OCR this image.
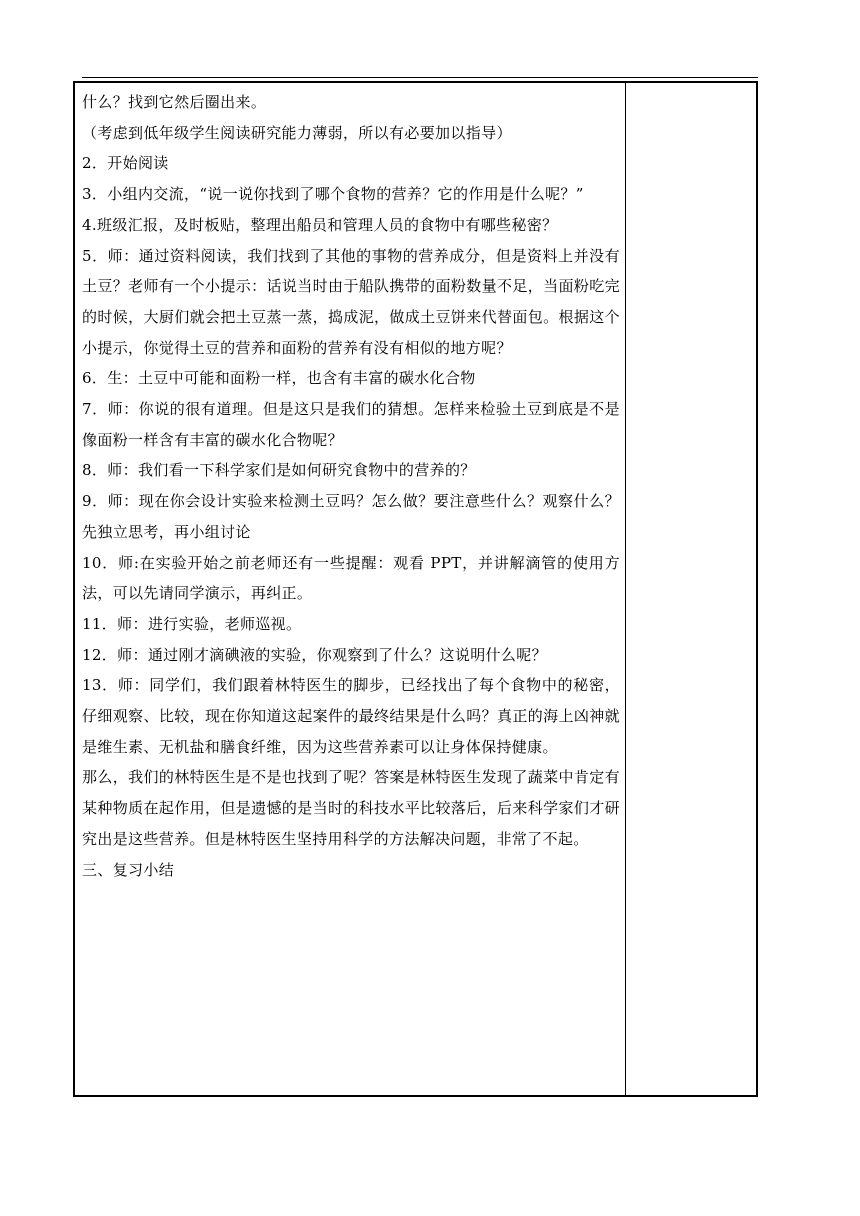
什么？找到它然后圈出来。

（考虑到低年级学生阅读研究能力薄弱，所以有必要加以指导）

2．开始阅读

3．小组内交流，“说一说你找到了哪个食物的营养？它的作用是什么呢？”

4.班级汇报，及时板贴，整理出船员和管理人员的食物中有哪些秘密？

5．师：通过资料阅读，我们找到了其他的事物的营养成分，但是资料上并没有土豆？老师有一个小提示：话说当时由于船队携带的面粉数量不足，当面粉吃完的时候，大厨们就会把土豆蒸一蒸，捣成泥，做成土豆饼来代替面包。根据这个小提示，你觉得土豆的营养和面粉的营养有没有相似的地方呢？

6．生：土豆中可能和面粉一样，也含有丰富的碳水化合物

7．师：你说的很有道理。但是这只是我们的猜想。怎样来检验土豆到底是不是像面粉一样含有丰富的碳水化合物呢？

8．师：我们看一下科学家们是如何研究食物中的营养的？

9．师：现在你会设计实验来检测土豆吗？怎么做？要注意些什么？观察什么？先独立思考，再小组讨论

10．师:在实验开始之前老师还有一些提醒：观看 PPT，并讲解滴管的使用方法，可以先请同学演示，再纠正。

11．师：进行实验，老师巡视。

12．师：通过刚才滴碘液的实验，你观察到了什么？这说明什么呢？

13．师：同学们，我们跟着林特医生的脚步，已经找出了每个食物中的秘密，仔细观察、比较，现在你知道这起案件的最终结果是什么吗？真正的海上凶神就是维生素、无机盐和膳食纤维，因为这些营养素可以让身体保持健康。

那么，我们的林特医生是不是也找到了呢？答案是林特医生发现了蔬菜中肯定有某种物质在起作用，但是遗憾的是当时的科技水平比较落后，后来科学家们才研究出是这些营养。但是林特医生坚持用科学的方法解决问题，非常了不起。

三、复习小结
